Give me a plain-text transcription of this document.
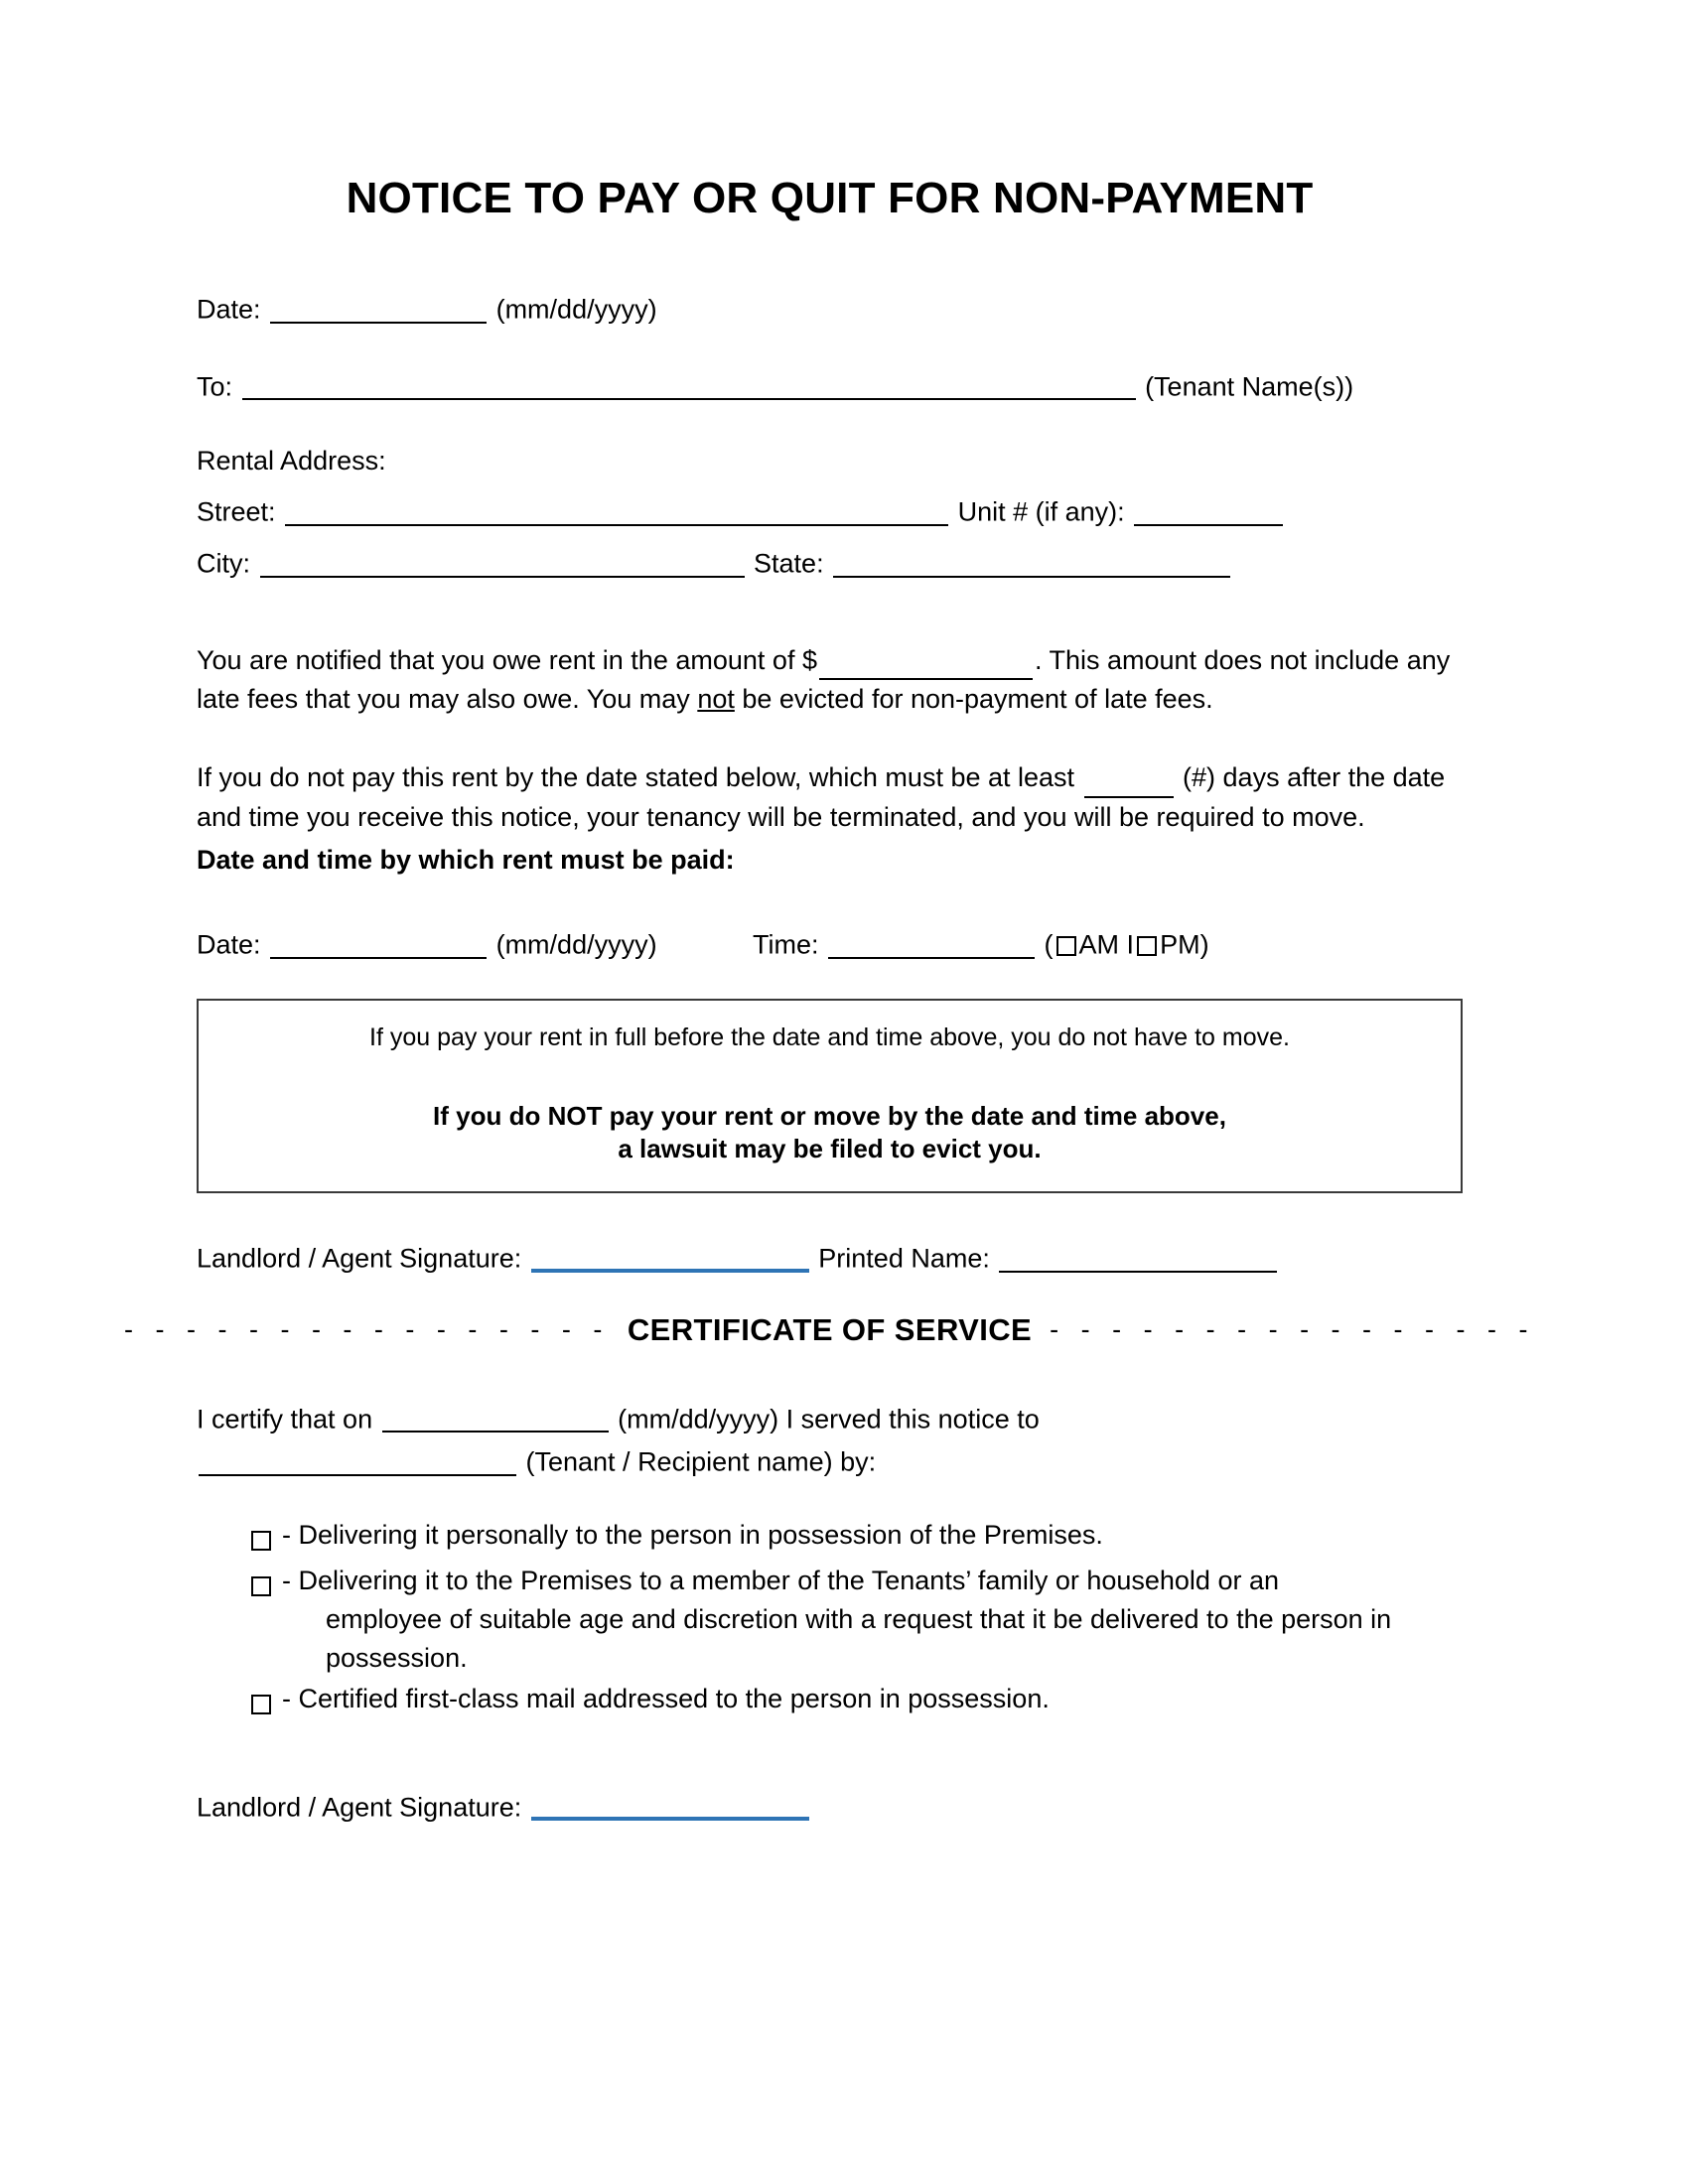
NOTICE TO PAY OR QUIT FOR NON-PAYMENT
Date:	(mm/dd/yyyy)
To:	(Tenant Name(s))
Rental Address:
Street:	Unit # (if any):
City:	State:

You are notified that you owe rent in the amount of $	. This amount does not include any late fees that you may also owe. You may not be evicted for non-payment of late fees.

If you do not pay this rent by the date stated below, which must be at least	(#) days after the date and time you receive this notice, your tenancy will be terminated, and you will be required to move.

Date and time by which rent must be paid:
Date:	(mm/dd/yyyy)	Time:	( AM I PM)
If you pay your rent in full before the date and time above, you do not have to move.
If you do NOT pay your rent or move by the date and time above,
a lawsuit may be filed to evict you.
Landlord / Agent Signature:	Printed Name:
- - - - - - - - - - - - - - - - CERTIFICATE OF SERVICE - - - - - - - - - - - - - - - -
I certify that on	(mm/dd/yyyy) I served this notice to
(Tenant / Recipient name) by:
- Delivering it personally to the person in possession of the Premises.
- Delivering it to the Premises to a member of the Tenants’ family or household or an
employee of suitable age and discretion with a request that it be delivered to the person in possession.
- Certified first-class mail addressed to the person in possession.
Landlord / Agent Signature:
